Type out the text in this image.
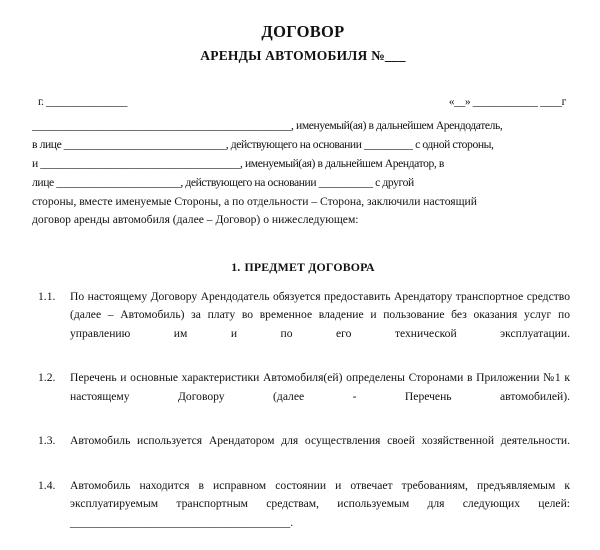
ДОГОВОР
АРЕНДЫ АВТОМОБИЛЯ №___
г. _______________	«__» ____________ ____г

________________________________________________, именуемый(ая) в дальнейшем Арендодатель,

в лице ______________________________, действующего на основании _________ с одной стороны,

и _____________________________________, именуемый(ая) в дальнейшем Арендатор, в

лице _______________________, действующего на основании __________ с другой

стороны, вместе именуемые Стороны, а по отдельности – Сторона, заключили настоящий

договор аренды автомобиля (далее – Договор) о нижеследующем:

1. ПРЕДМЕТ ДОГОВОРА
1.1.	По настоящему Договору Арендодатель обязуется предоставить Арендатору транспортное средство (далее – Автомобиль) за плату во временное владение и пользование без оказания услуг по управлению им и по его технической эксплуатации.
1.2.	Перечень и основные характеристики Автомобиля(ей) определены Сторонами в Приложении №1 к настоящему Договору (далее - Перечень автомобилей).
1.3.	Автомобиль используется Арендатором для осуществления своей хозяйственной деятельности.
1.4.	Автомобиль находится в исправном состоянии и отвечает требованиям, предъявляемым к эксплуатируемым транспортным средствам, используемым для следующих целей: ______________________________________.
